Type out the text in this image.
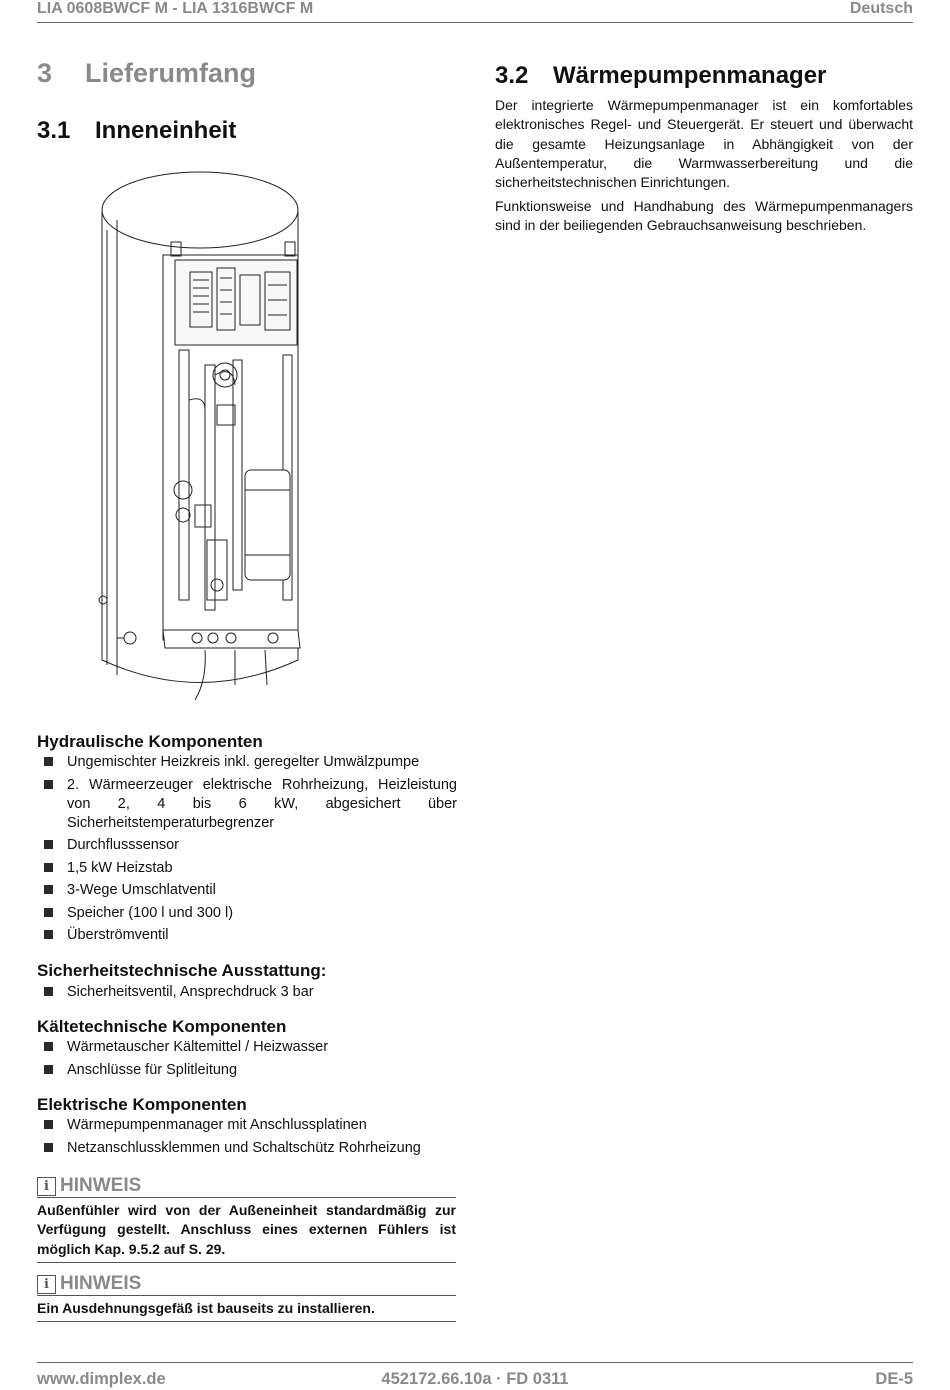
LIA 0608BWCF M - LIA 1316BWCF M	Deutsch
3 Lieferumfang
3.1 Inneneinheit
3.2 Wärmepumpenmanager

Der integrierte Wärmepumpenmanager ist ein komfortables elektronisches Regel- und Steuergerät. Er steuert und überwacht die gesamte Heizungsanlage in Abhängigkeit von der Außentemperatur, die Warmwasserbereitung und die sicherheitstechnischen Einrichtungen.

Funktionsweise und Handhabung des Wärmepumpenmanagers sind in der beiliegenden Gebrauchsanweisung beschrieben.

Hydraulische Komponenten
Ungemischter Heizkreis inkl. geregelter Umwälzpumpe
2. Wärmeerzeuger elektrische Rohrheizung, Heizleistung von 2, 4 bis 6 kW, abgesichert über Sicherheitstemperaturbegrenzer
Durchflusssensor
1,5 kW Heizstab
3-Wege Umschlatventil
Speicher (100 l und 300 l)
Überströmventil
Sicherheitstechnische Ausstattung:
Sicherheitsventil, Ansprechdruck 3 bar
Kältetechnische Komponenten
Wärmetauscher Kältemittel / Heizwasser
Anschlüsse für Splitleitung
Elektrische Komponenten
Wärmepumpenmanager mit Anschlussplatinen
Netzanschlussklemmen und Schaltschütz Rohrheizung
i HINWEIS
Außenfühler wird von der Außeneinheit standardmäßig zur Verfügung gestellt. Anschluss eines externen Fühlers ist möglich Kap. 9.5.2 auf S. 29.
i HINWEIS
Ein Ausdehnungsgefäß ist bauseits zu installieren.
www.dimplex.de	452172.66.10a · FD 0311	DE-5
